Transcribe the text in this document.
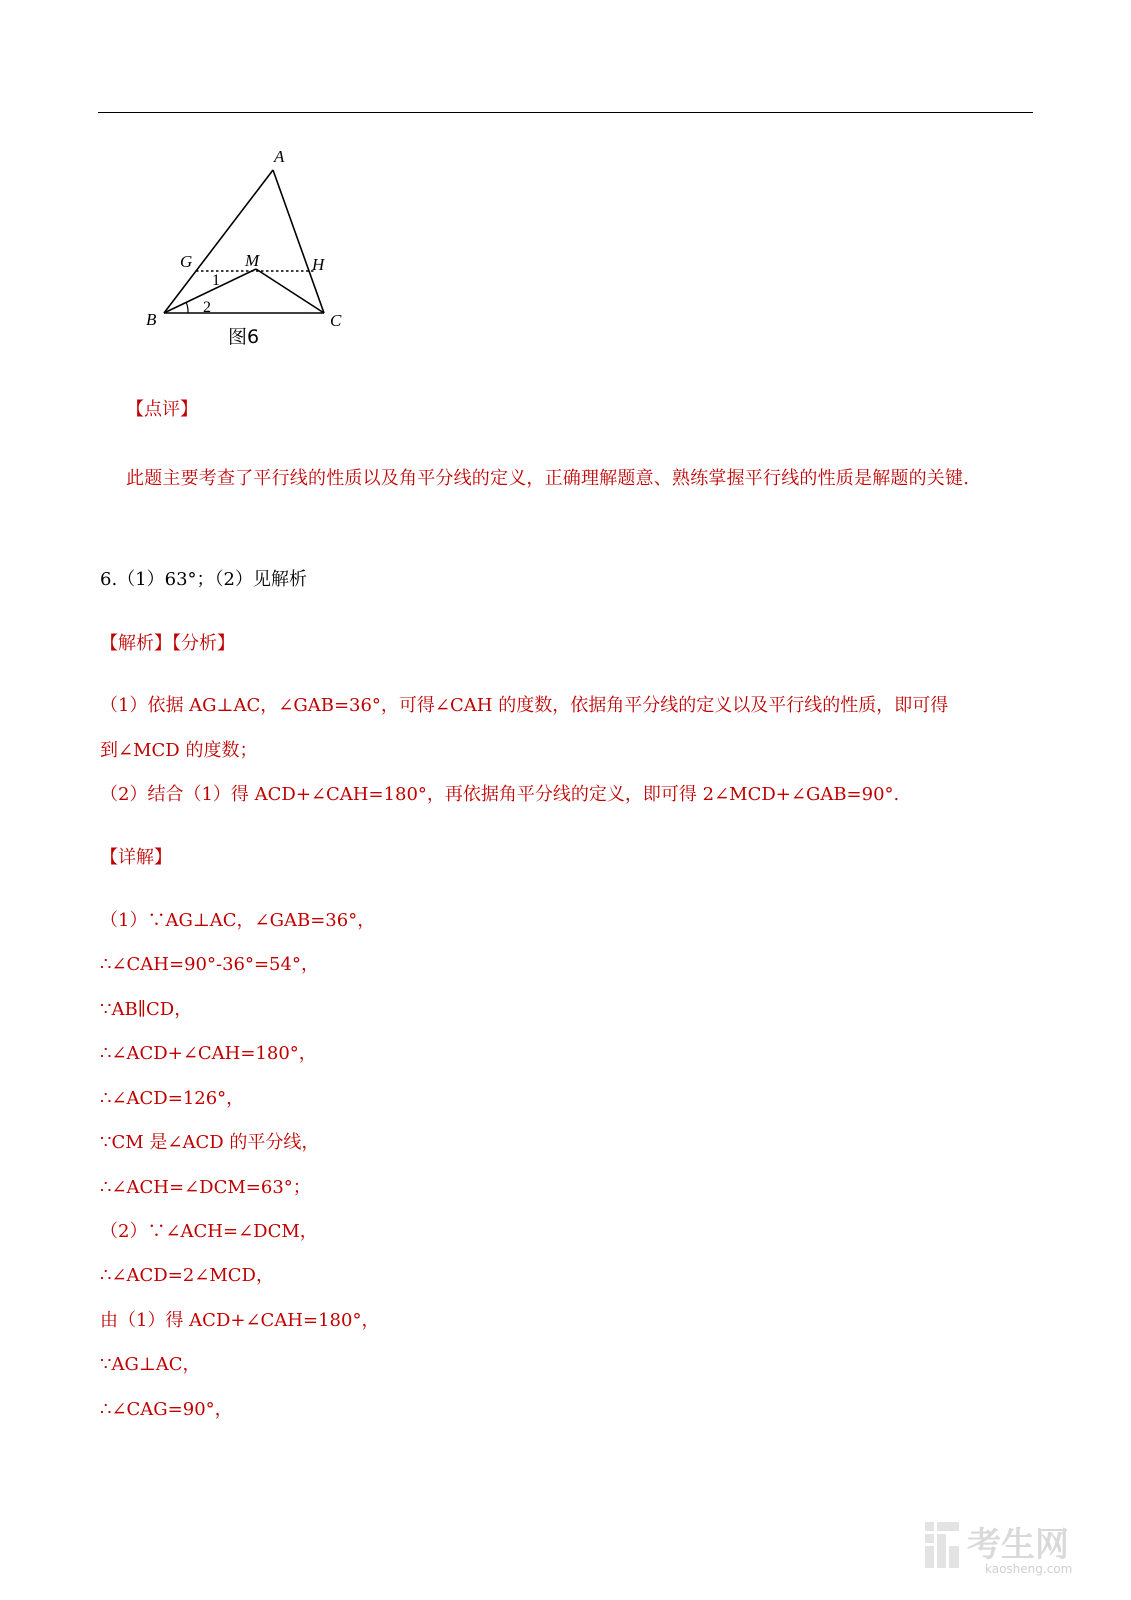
A
B	C
G	H
M
1
2
图6

【点评】

此题主要考查了平行线的性质以及角平分线的定义，正确理解题意、熟练掌握平行线的性质是解题的关键.

6.（1）63°；（2）见解析

【解析】【分析】

（1）依据 AG⊥AC，∠GAB=36°，可得∠CAH 的度数，依据角平分线的定义以及平行线的性质，即可得

到∠MCD 的度数；

（2）结合（1）得 ACD+∠CAH=180°，再依据角平分线的定义，即可得 2∠MCD+∠GAB=90°.

【详解】

（1）∵AG⊥AC，∠GAB=36°，

∴∠CAH=90°-36°=54°，

∵AB∥CD，

∴∠ACD+∠CAH=180°，

∴∠ACD=126°，

∵CM 是∠ACD 的平分线，

∴∠ACH=∠DCM=63°；

（2）∵∠ACH=∠DCM，

∴∠ACD=2∠MCD，

由（1）得 ACD+∠CAH=180°，

∵AG⊥AC，

∴∠CAG=90°，

考生网
kaosheng.com
